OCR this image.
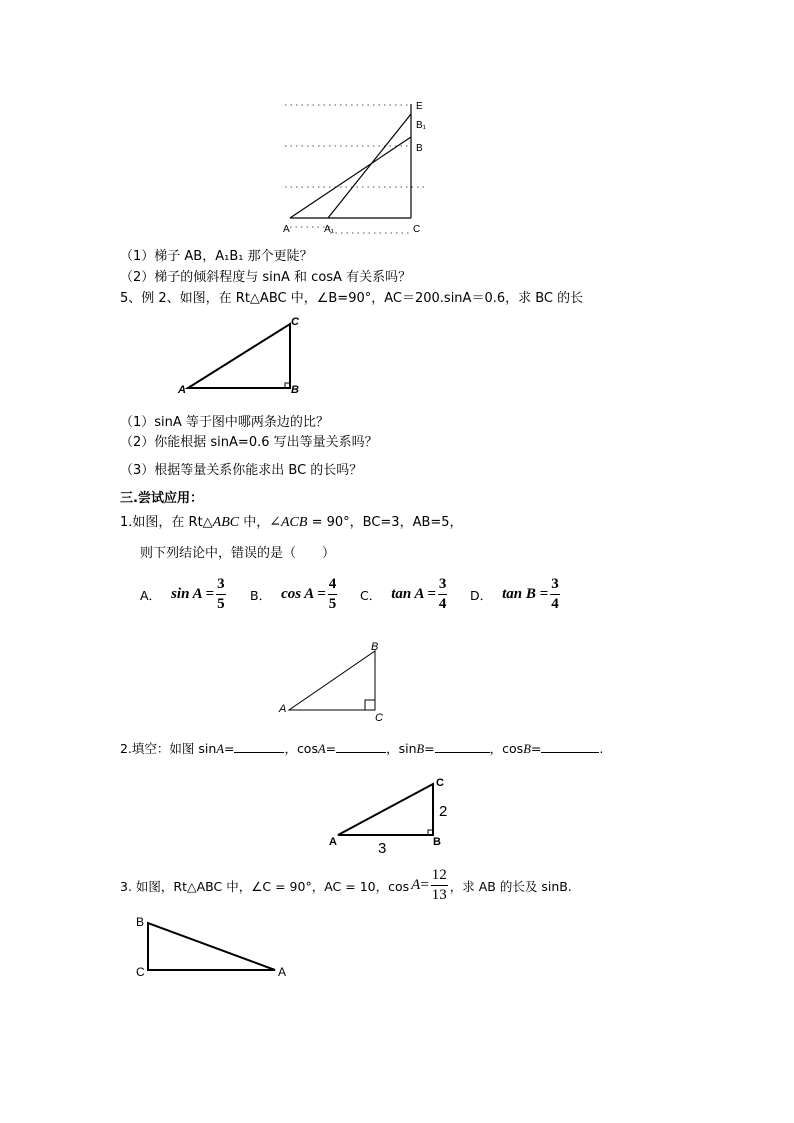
E
B₁
B
A	A₁	C
（1）梯子 AB，A₁B₁ 那个更陡？
（2）梯子的倾斜程度与 sinA 和 cosA 有关系吗？
5、例 2、如图，在 Rt△ABC 中，∠B=90°，AC＝200.sinA＝0.6，求 BC 的长
A	B
C
（1）sinA 等于图中哪两条边的比？
（2）你能根据 sinA=0.6 写出等量关系吗？
（3）根据等量关系你能求出 BC 的长吗？
三.尝试应用：
1.如图，在 Rt△ABC 中，∠ACB = 90°，BC=3，AB=5，
则下列结论中，错误的是（　　）
A． $\sin A = \frac{3}{5}$ B． $\cos A = \frac{4}{5}$ C． $\tan A = \frac{3}{4}$ D． $\tan B = \frac{3}{4}$
A
B
C
2.填空：如图 sinA=	，cosA=	，sinB=	，cosB=	.
A	B
C
2
3
3. 如图，Rt△ABC 中，∠C = 90°，AC = 10，$\cos A = \frac{12}{13}$ ，求 AB 的长及 sinB.
B
C	A
